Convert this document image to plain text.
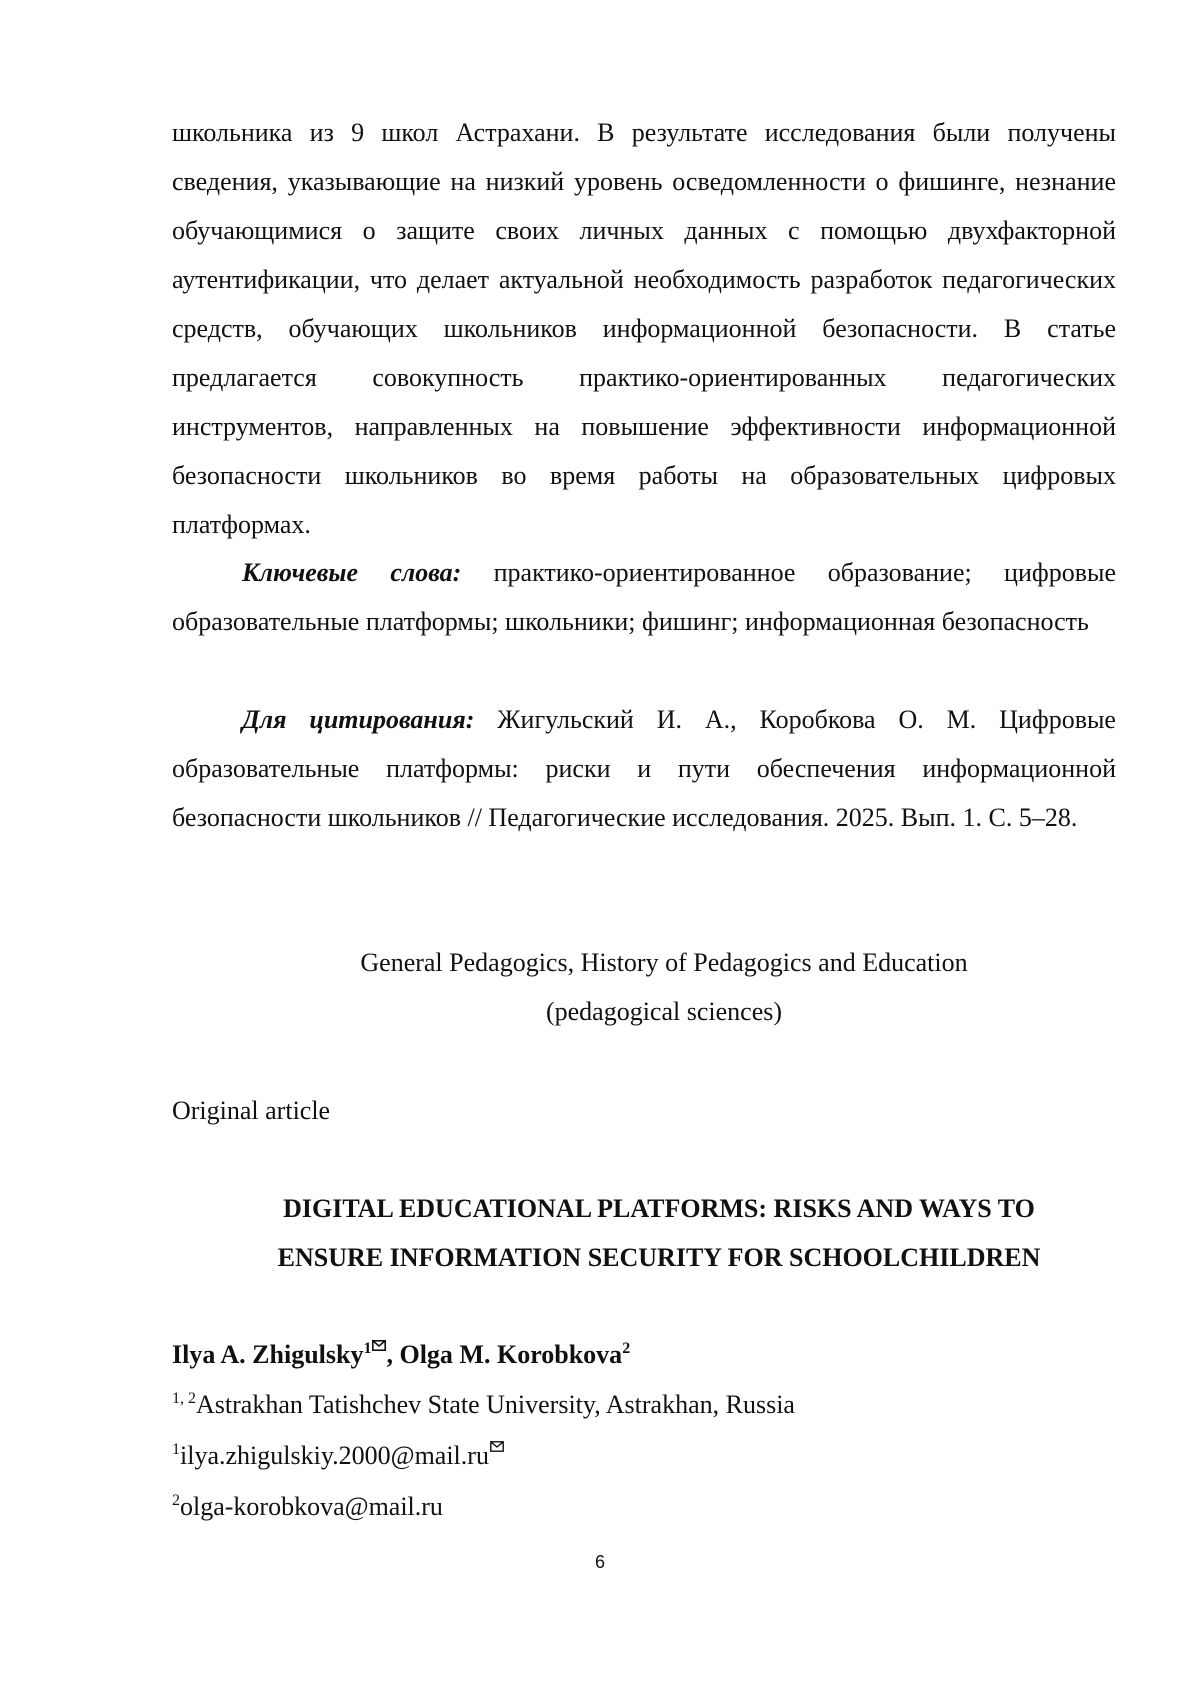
школьника из 9 школ Астрахани. В результате исследования были получены сведения, указывающие на низкий уровень осведомленности о фишинге, незнание обучающимися о защите своих личных данных с помощью двухфакторной аутентификации, что делает актуальной необходимость разработок педагогических средств, обучающих школьников информационной безопасности. В статье предлагается совокупность практико-ориентированных педагогических инструментов, направленных на повышение эффективности информационной безопасности школьников во время работы на образовательных цифровых платформах.

Ключевые слова: практико-ориентированное образование; цифровые образовательные платформы; школьники; фишинг; информационная безопасность

Для цитирования: Жигульский И. А., Коробкова О. М. Цифровые образовательные платформы: риски и пути обеспечения информационной безопасности школьников // Педагогические исследования. 2025. Вып. 1. С. 5–28.

General Pedagogics, History of Pedagogics and Education
(pedagogical sciences)

Original article

DIGITAL EDUCATIONAL PLATFORMS: RISKS AND WAYS TO
ENSURE INFORMATION SECURITY FOR SCHOOLCHILDREN

Ilya A. Zhigulsky$^1$ , Olga M. Korobkova$^2$

$^{1, 2}$Astrakhan Tatishchev State University, Astrakhan, Russia

$^1$ilya.zhigulskiy.2000@mail.ru

$^2$olga-korobkova@mail.ru

6
